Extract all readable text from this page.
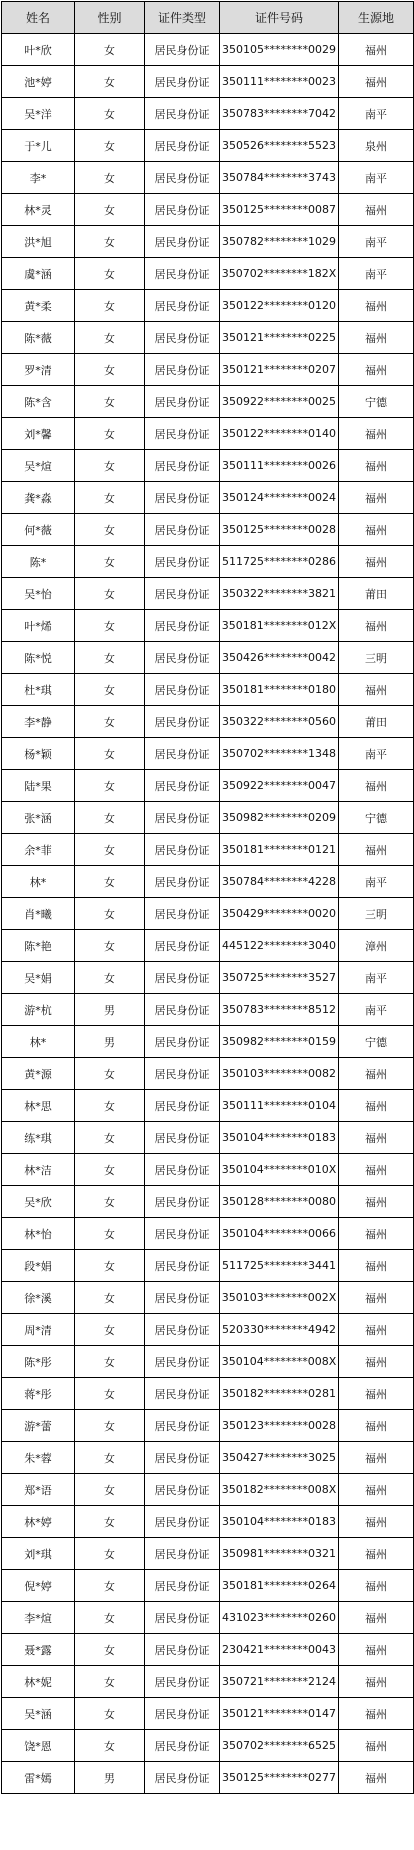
姓名	性别	证件类型	证件号码	生源地
叶*欣	女	居民身份证	350105********0029	福州
池*婷	女	居民身份证	350111********0023	福州
吴*洋	女	居民身份证	350783********7042	南平
于*儿	女	居民身份证	350526********5523	泉州
李*	女	居民身份证	350784********3743	南平
林*灵	女	居民身份证	350125********0087	福州
洪*旭	女	居民身份证	350782********1029	南平
虞*涵	女	居民身份证	350702********182X	南平
黄*柔	女	居民身份证	350122********0120	福州
陈*薇	女	居民身份证	350121********0225	福州
罗*清	女	居民身份证	350121********0207	福州
陈*含	女	居民身份证	350922********0025	宁德
刘*馨	女	居民身份证	350122********0140	福州
吴*煊	女	居民身份证	350111********0026	福州
龚*淼	女	居民身份证	350124********0024	福州
何*薇	女	居民身份证	350125********0028	福州
陈*	女	居民身份证	511725********0286	福州
吴*怡	女	居民身份证	350322********3821	莆田
叶*烯	女	居民身份证	350181********012X	福州
陈*悦	女	居民身份证	350426********0042	三明
杜*琪	女	居民身份证	350181********0180	福州
李*静	女	居民身份证	350322********0560	莆田
杨*颖	女	居民身份证	350702********1348	南平
陆*果	女	居民身份证	350922********0047	福州
张*涵	女	居民身份证	350982********0209	宁德
余*菲	女	居民身份证	350181********0121	福州
林*	女	居民身份证	350784********4228	南平
肖*曦	女	居民身份证	350429********0020	三明
陈*艳	女	居民身份证	445122********3040	漳州
吴*娟	女	居民身份证	350725********3527	南平
游*杭	男	居民身份证	350783********8512	南平
林*	男	居民身份证	350982********0159	宁德
黄*源	女	居民身份证	350103********0082	福州
林*思	女	居民身份证	350111********0104	福州
练*琪	女	居民身份证	350104********0183	福州
林*洁	女	居民身份证	350104********010X	福州
吴*欣	女	居民身份证	350128********0080	福州
林*怡	女	居民身份证	350104********0066	福州
段*娟	女	居民身份证	511725********3441	福州
徐*溪	女	居民身份证	350103********002X	福州
周*清	女	居民身份证	520330********4942	福州
陈*彤	女	居民身份证	350104********008X	福州
蒋*彤	女	居民身份证	350182********0281	福州
游*蕾	女	居民身份证	350123********0028	福州
朱*蓉	女	居民身份证	350427********3025	福州
郑*语	女	居民身份证	350182********008X	福州
林*婷	女	居民身份证	350104********0183	福州
刘*琪	女	居民身份证	350981********0321	福州
倪*婷	女	居民身份证	350181********0264	福州
李*煊	女	居民身份证	431023********0260	福州
聂*露	女	居民身份证	230421********0043	福州
林*妮	女	居民身份证	350721********2124	福州
吴*涵	女	居民身份证	350121********0147	福州
饶*恩	女	居民身份证	350702********6525	福州
雷*嫣	男	居民身份证	350125********0277	福州
